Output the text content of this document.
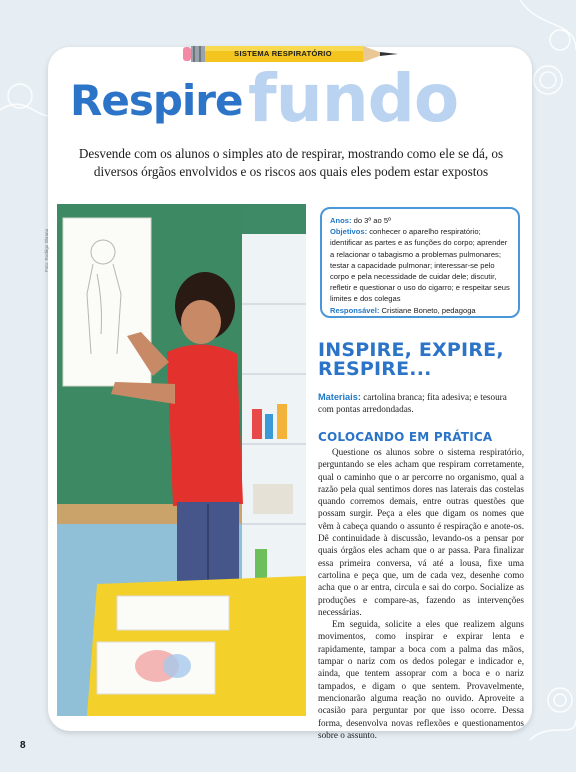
SISTEMA RESPIRATÓRIO
fundo
Respire
Desvende com os alunos o simples ato de respirar, mostrando como ele se dá, os diversos órgãos envolvidos e os riscos aos quais eles podem estar expostos
Foto: Rodrigo Sbrana
Anos: do 3º ao 5º
Objetivos: conhecer o aparelho respiratório; identificar as partes e as funções do corpo; aprender a relacionar o tabagismo a problemas pulmonares; testar a capacidade pulmonar; interessar-se pelo corpo e pela necessidade de cuidar dele; discutir, refletir e questionar o uso do cigarro; e respeitar seus limites e dos colegas
Responsável: Cristiane Boneto, pedagoga
INSPIRE, EXPIRE, RESPIRE...
Materiais: cartolina branca; fita adesiva; e tesoura com pontas arredondadas.
COLOCANDO EM PRÁTICA

Questione os alunos sobre o sistema respiratório, perguntando se eles acham que respiram corretamente, qual o caminho que o ar percorre no organismo, qual a razão pela qual sentimos dores nas laterais das costelas quando corremos demais, entre outras questões que possam surgir. Peça a eles que digam os nomes que vêm à cabeça quando o assunto é respiração e anote-os. Dê continuidade à discussão, levando-os a pensar por quais órgãos eles acham que o ar passa. Para finalizar essa primeira conversa, vá até a lousa, fixe uma cartolina e peça que, um de cada vez, desenhe como acha que o ar entra, circula e sai do corpo. Socialize as produções e compare-as, fazendo as intervenções necessárias.

Em seguida, solicite a eles que realizem alguns movimentos, como inspirar e expirar lenta e rapidamente, tampar a boca com a palma das mãos, tampar o nariz com os dedos polegar e indicador e, ainda, que tentem assoprar com a boca e o nariz tampados, e digam o que sentem. Provavelmente, mencionarão alguma reação no ouvido. Aproveite a ocasião para perguntar por que isso ocorre. Dessa forma, desenvolva novas reflexões e questionamentos sobre o assunto.

8
